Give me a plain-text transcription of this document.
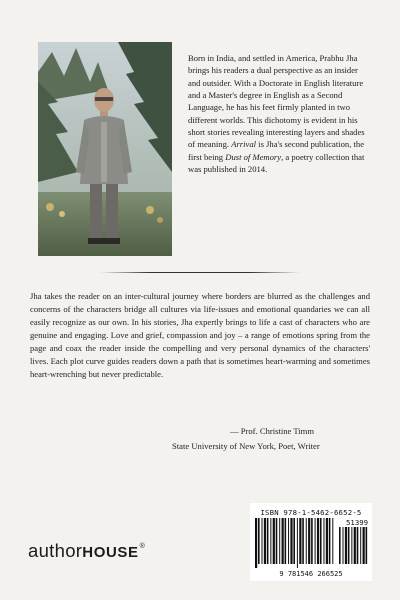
Born in India, and settled in America, Prabhu Jha brings his readers a dual perspective as an insider and outsider. With a Doctorate in English literature and a Master's degree in English as a Second Language, he has his feet firmly planted in two different worlds. This dichotomy is evident in his short stories revealing interesting layers and shades of meaning. Arrival is Jha's second publication, the first being Dust of Memory, a poetry collection that was published in 2014.
Jha takes the reader on an inter-cultural journey where borders are blurred as the challenges and concerns of the characters bridge all cultures via life-issues and emotional quandaries we can all easily recognize as our own. In his stories, Jha expertly brings to life a cast of characters who are genuine and engaging. Love and grief, compassion and joy – a range of emotions spring from the page and coax the reader inside the compelling and very personal dynamics of the characters' lives. Each plot curve guides readers down a path that is sometimes heart-warming and sometimes heart-wrenching but never predictable.
— Prof. Christine Timm
State University of New York, Poet, Writer
authorHOUSE®
ISBN 978-1-5462-6652-5
51399
9 781546 266525
